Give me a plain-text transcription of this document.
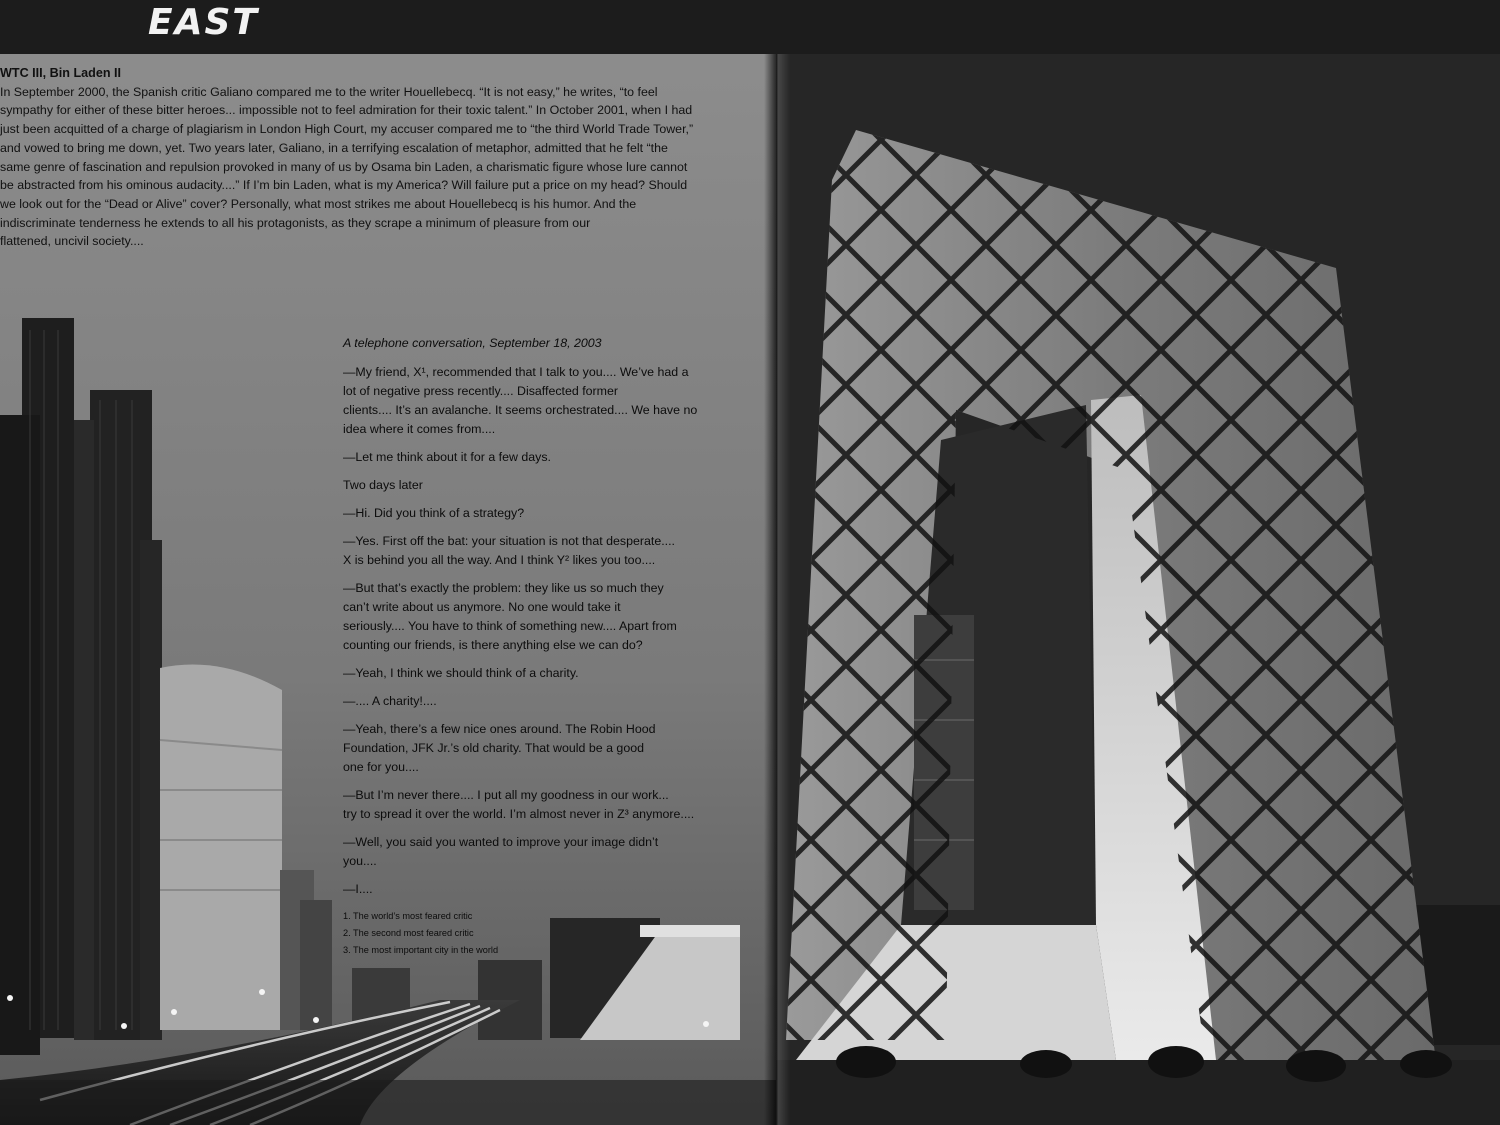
WTC III, Bin Laden II
In September 2000, the Spanish critic Galiano compared me to the writer Houellebecq. “It is not easy,” he writes, “to feel
sympathy for either of these bitter heroes... impossible not to feel admiration for their toxic talent.” In October 2001, when I had
just been acquitted of a charge of plagiarism in London High Court, my accuser compared me to “the third World Trade Tower,”
and vowed to bring me down, yet. Two years later, Galiano, in a terrifying escalation of metaphor, admitted that he felt “the
same genre of fascination and repulsion provoked in many of us by Osama bin Laden, a charismatic figure whose lure cannot
be abstracted from his ominous audacity....” If I’m bin Laden, what is my America? Will failure put a price on my head? Should
we look out for the “Dead or Alive” cover? Personally, what most strikes me about Houellebecq is his humor. And the
indiscriminate tenderness he extends to all his protagonists, as they scrape a minimum of pleasure from our
flattened, uncivil society....
A telephone conversation, September 18, 2003

—My friend, X¹, recommended that I talk to you.... We’ve had a
lot of negative press recently.... Disaffected former
clients.... It’s an avalanche. It seems orchestrated.... We have no
idea where it comes from....

—Let me think about it for a few days.

Two days later

—Hi. Did you think of a strategy?

—Yes. First off the bat: your situation is not that desperate....
X is behind you all the way. And I think Y² likes you too....

—But that’s exactly the problem: they like us so much they
can’t write about us anymore. No one would take it
seriously.... You have to think of something new.... Apart from
counting our friends, is there anything else we can do?

—Yeah, I think we should think of a charity.

—.... A charity!....

—Yeah, there’s a few nice ones around. The Robin Hood
Foundation, JFK Jr.’s old charity. That would be a good
one for you....

—But I’m never there.... I put all my goodness in our work...
try to spread it over the world. I’m almost never in Z³ anymore....

—Well, you said you wanted to improve your image didn’t
you....

—I....

1. The world’s most feared critic
2. The second most feared critic
3. The most important city in the world
EAST
